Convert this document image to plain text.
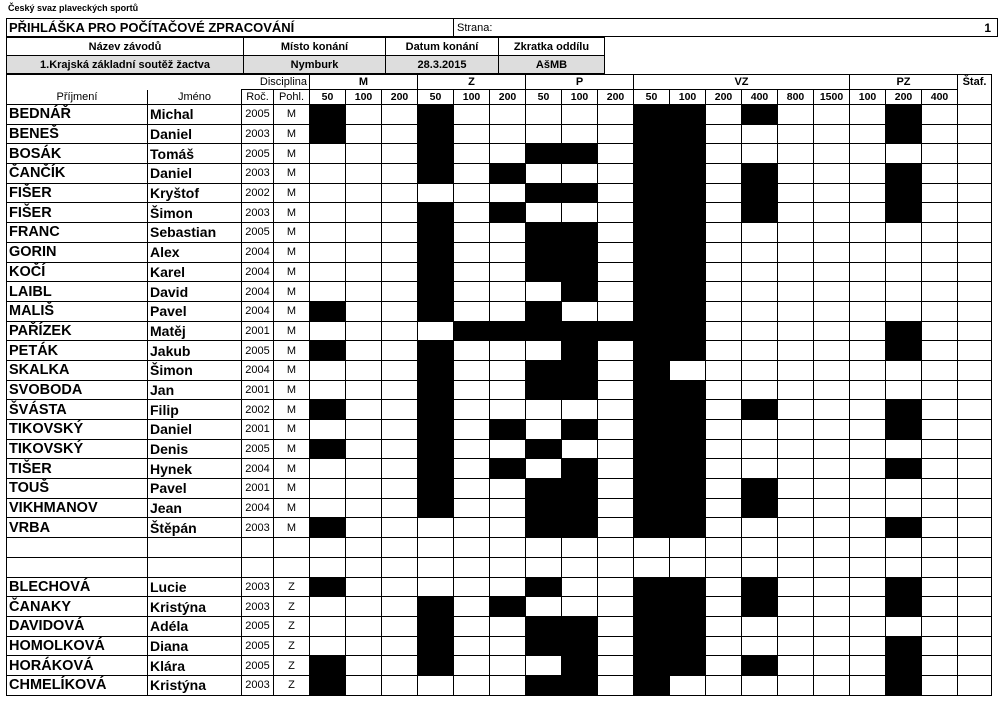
Český svaz plaveckých sportů
PŘIHLÁŠKA PRO POČÍTAČOVÉ ZPRACOVÁNÍ	Strana:	1
Název závodů	Místo konání	Datum konání	Zkratka oddílu	
1.Krajská základní soutěž žactva	Nymburk	28.3.2015	AšMB	
		Disciplina		M			Z			P			VZ						PZ			Štaf.
Příjmení	Jméno	Roč.	Pohl.	50	100	200	50	100	200	50	100	200	50	100	200	400	800	1500	100	200	400	
BEDNÁŘ	Michal	2005	M																			
BENEŠ	Daniel	2003	M																			
BOSÁK	Tomáš	2005	M																			
ČANČÍK	Daniel	2003	M																			
FIŠER	Kryštof	2002	M																			
FIŠER	Šimon	2003	M																			
FRANC	Sebastian	2005	M																			
GORIN	Alex	2004	M																			
KOČÍ	Karel	2004	M																			
LAIBL	David	2004	M																			
MALIŠ	Pavel	2004	M																			
PAŘÍZEK	Matěj	2001	M																			
PETÁK	Jakub	2005	M																			
SKALKA	Šimon	2004	M																			
SVOBODA	Jan	2001	M																			
ŠVÁSTA	Filip	2002	M																			
TIKOVSKÝ	Daniel	2001	M																			
TIKOVSKÝ	Denis	2005	M																			
TIŠER	Hynek	2004	M																			
TOUŠ	Pavel	2001	M																			
VIKHMANOV	Jean	2004	M																			
VRBA	Štěpán	2003	M																			

BLECHOVÁ	Lucie	2003	Z																			
ČANAKY	Kristýna	2003	Z																			
DAVIDOVÁ	Adéla	2005	Z																			
HOMOLKOVÁ	Diana	2005	Z																			
HORÁKOVÁ	Klára	2005	Z																			
CHMELÍKOVÁ	Kristýna	2003	Z																			
